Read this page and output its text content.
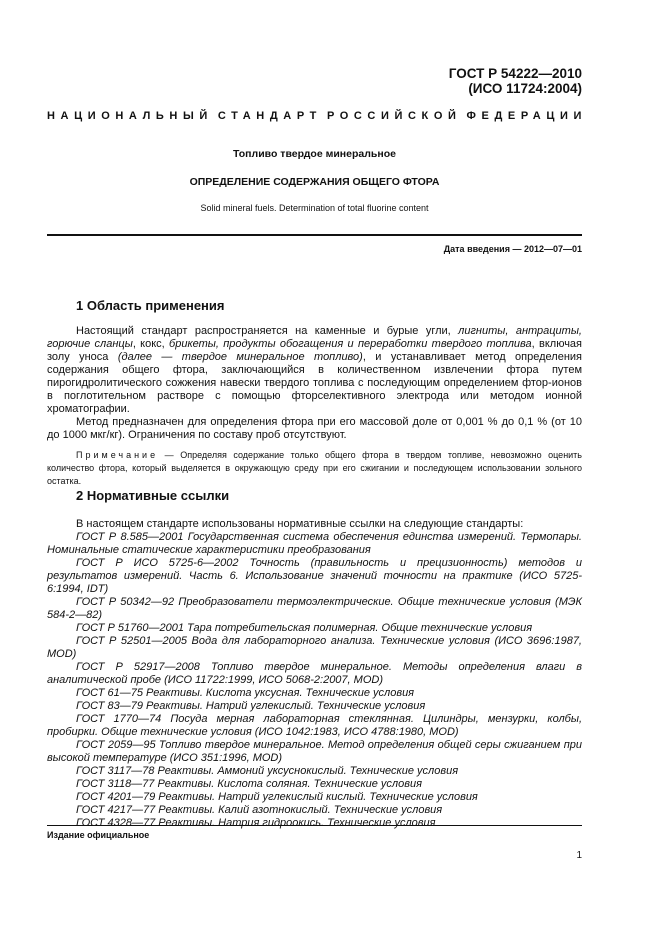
ГОСТ Р 54222—2010
(ИСО 11724:2004)
НАЦИОНАЛЬНЫЙ СТАНДАРТ РОССИЙСКОЙ ФЕДЕРАЦИИ
Топливо твердое минеральное
ОПРЕДЕЛЕНИЕ СОДЕРЖАНИЯ ОБЩЕГО ФТОРА
Solid mineral fuels. Determination of total fluorine content
Дата введения — 2012—07—01
1 Область применения

Настоящий стандарт распространяется на каменные и бурые угли, лигниты, антрациты, горючие сланцы, кокс, брикеты, продукты обогащения и переработки твердого топлива, включая золу уноса (далее — твердое минеральное топливо), и устанавливает метод определения содержания общего фтора, заключающийся в количественном извлечении фтора путем пирогидролитического сожжения навески твердого топлива с последующим определением фтор-ионов в поглотительном растворе с помощью фторселективного электрода или методом ионной хроматографии.

Метод предназначен для определения фтора при его массовой доле от 0,001 % до 0,1 % (от 10 до 1000 мкг/кг). Ограничения по составу проб отсутствуют.

Примечание — Определяя содержание только общего фтора в твердом топливе, невозможно оценить количество фтора, который выделяется в окружающую среду при его сжигании и последующем использовании зольного остатка.

2 Нормативные ссылки

В настоящем стандарте использованы нормативные ссылки на следующие стандарты:

ГОСТ Р 8.585—2001 Государственная система обеспечения единства измерений. Термопары. Номинальные статические характеристики преобразования

ГОСТ Р ИСО 5725-6—2002 Точность (правильность и прецизионность) методов и результатов измерений. Часть 6. Использование значений точности на практике (ИСО 5725-6:1994, IDT)

ГОСТ Р 50342—92 Преобразователи термоэлектрические. Общие технические условия (МЭК 584-2—82)

ГОСТ Р 51760—2001 Тара потребительская полимерная. Общие технические условия

ГОСТ Р 52501—2005 Вода для лабораторного анализа. Технические условия (ИСО 3696:1987, MOD)

ГОСТ Р 52917—2008 Топливо твердое минеральное. Методы определения влаги в аналитической пробе (ИСО 11722:1999, ИСО 5068-2:2007, MOD)

ГОСТ 61—75 Реактивы. Кислота уксусная. Технические условия

ГОСТ 83—79 Реактивы. Натрий углекислый. Технические условия

ГОСТ 1770—74 Посуда мерная лабораторная стеклянная. Цилиндры, мензурки, колбы, пробирки. Общие технические условия (ИСО 1042:1983, ИСО 4788:1980, MOD)

ГОСТ 2059—95 Топливо твердое минеральное. Метод определения общей серы сжиганием при высокой температуре (ИСО 351:1996, MOD)

ГОСТ 3117—78 Реактивы. Аммоний уксуснокислый. Технические условия

ГОСТ 3118—77 Реактивы. Кислота соляная. Технические условия

ГОСТ 4201—79 Реактивы. Натрий углекислый кислый. Технические условия

ГОСТ 4217—77 Реактивы. Калий азотнокислый. Технические условия

ГОСТ 4328—77 Реактивы. Натрия гидроокись. Технические условия

Издание официальное
1
